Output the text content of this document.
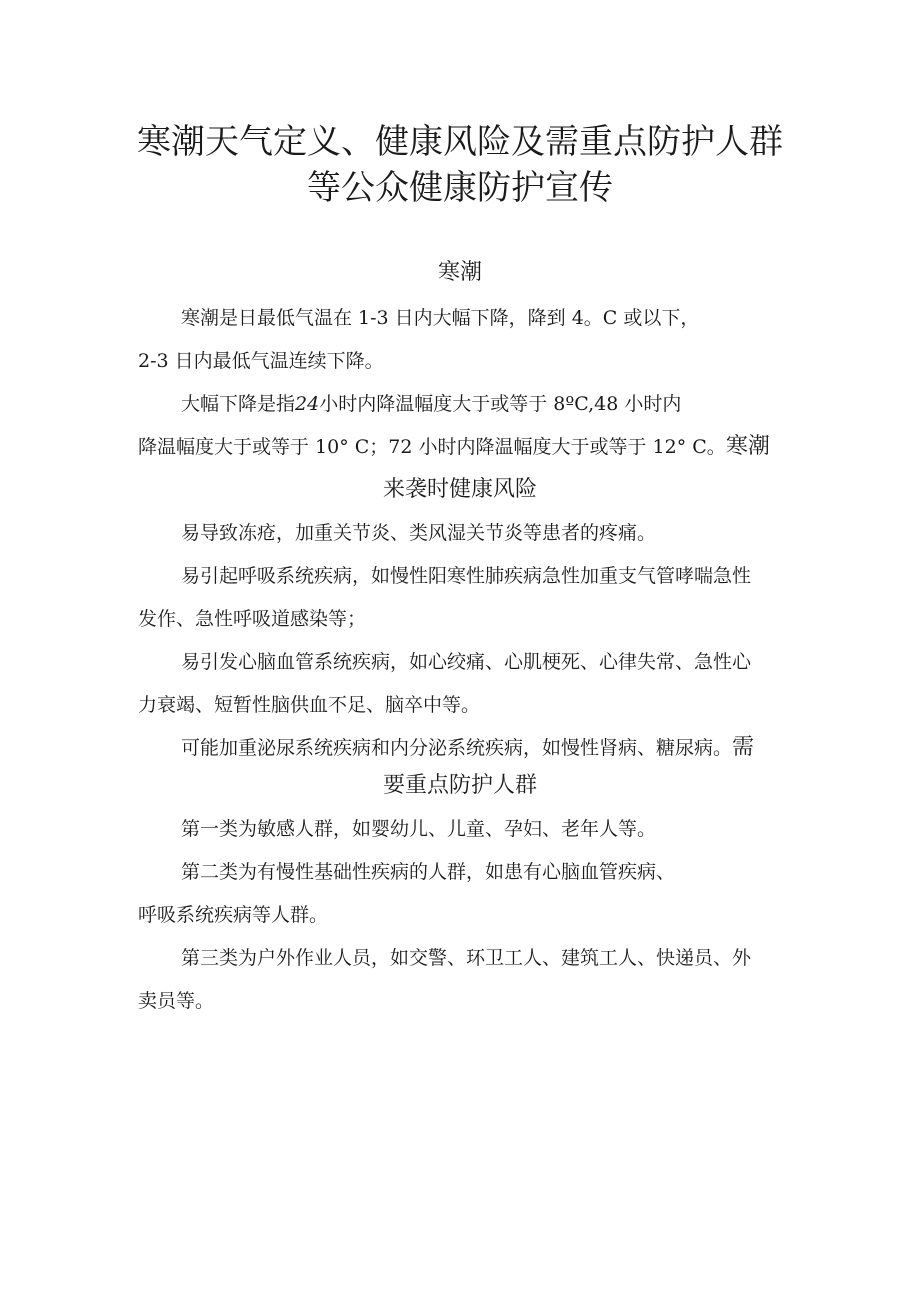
寒潮天气定义、健康风险及需重点防护人群
等公众健康防护宣传
寒潮
寒潮是日最低气温在 1-3 日内大幅下降，降到 4。C 或以下，
2-3 日内最低气温连续下降。
大幅下降是指24小时内降温幅度大于或等于 8ºC,48 小时内
降温幅度大于或等于 10° C；72 小时内降温幅度大于或等于 12° C。寒潮
来袭时健康风险
易导致冻疮，加重关节炎、类风湿关节炎等患者的疼痛。
易引起呼吸系统疾病，如慢性阳寒性肺疾病急性加重支气管哮喘急性
发作、急性呼吸道感染等；
易引发心脑血管系统疾病，如心绞痛、心肌梗死、心律失常、急性心
力衰竭、短暂性脑供血不足、脑卒中等。
可能加重泌尿系统疾病和内分泌系统疾病，如慢性肾病、糖尿病。需
要重点防护人群
第一类为敏感人群，如婴幼儿、儿童、孕妇、老年人等。
第二类为有慢性基础性疾病的人群，如患有心脑血管疾病、
呼吸系统疾病等人群。
第三类为户外作业人员，如交警、环卫工人、建筑工人、快递员、外
卖员等。
